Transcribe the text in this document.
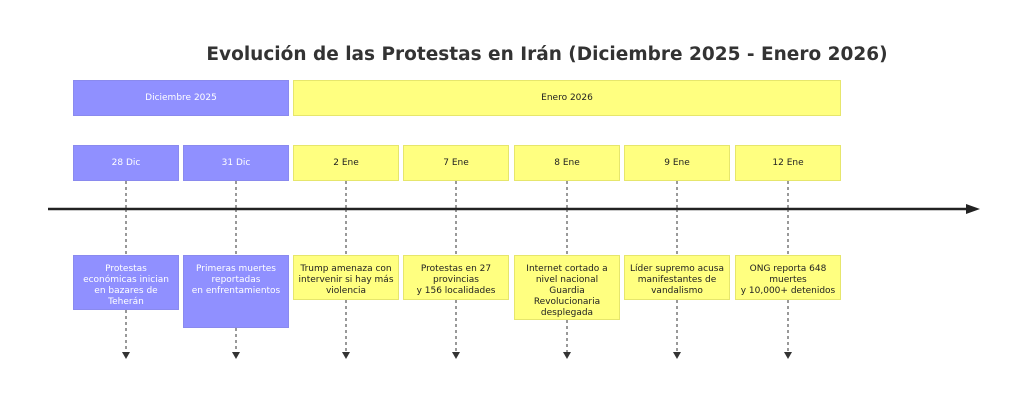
Evolución de las Protestas en Irán (Diciembre 2025 - Enero 2026)
Diciembre 2025	Enero 2026
28 Dic	31 Dic	2 Ene	7 Ene	8 Ene	9 Ene	12 Ene
Protestas
económicas inician
en bazares de
Teherán
Primeras muertes
reportadas
en enfrentamientos
Trump amenaza con
intervenir si hay más
violencia
Protestas en 27
provincias
y 156 localidades
Internet cortado a
nivel nacional
Guardia
Revolucionaria
desplegada
Líder supremo acusa
manifestantes de
vandalismo
ONG reporta 648
muertes
y 10,000+ detenidos
